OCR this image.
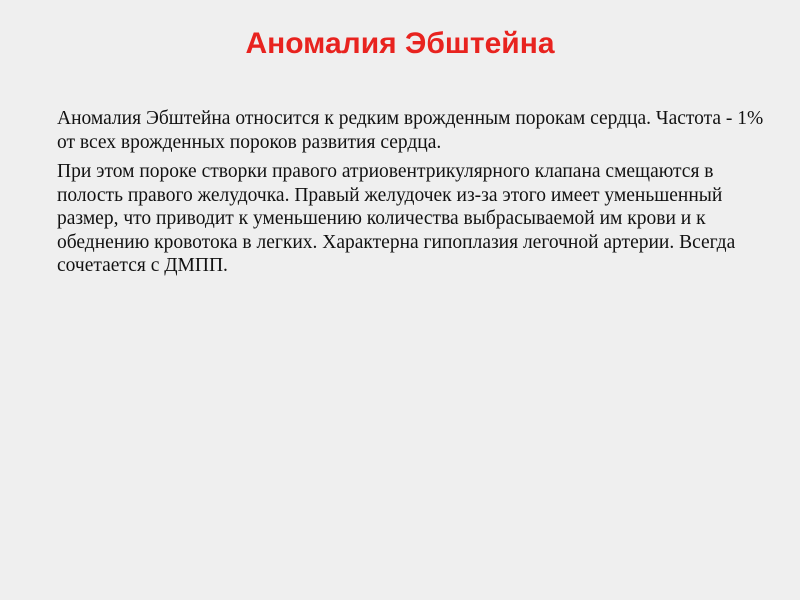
Аномалия Эбштейна

Аномалия Эбштейна относится к редким врожденным порокам сердца. Частота - 1% от всех врожденных пороков развития сердца.

При этом пороке створки правого атриовентрикулярного клапана смещаются в полость правого желудочка. Правый желудочек из-за этого имеет уменьшенный размер, что приводит к уменьшению количества выбрасываемой им крови и к обеднению кровотока в легких. Характерна гипоплазия легочной артерии. Всегда сочетается с ДМПП.
